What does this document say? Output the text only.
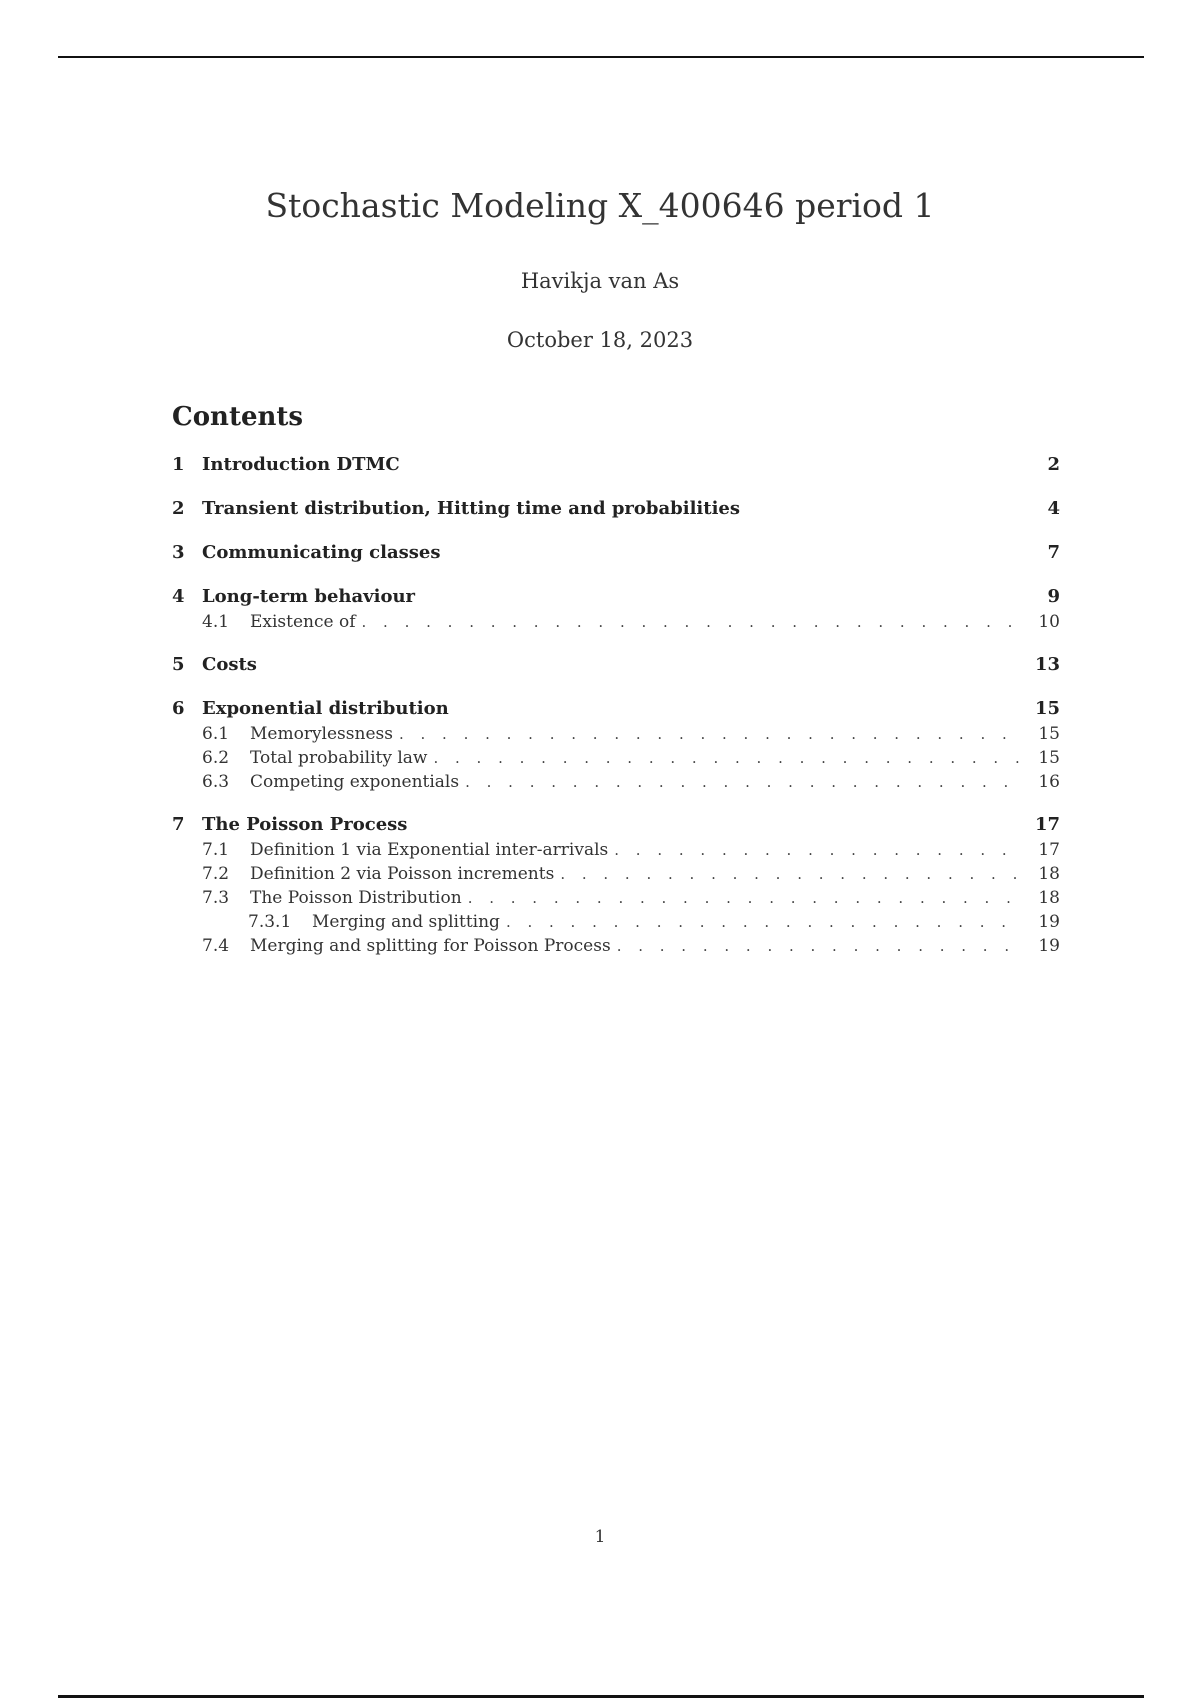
Stochastic Modeling X_400646 period 1
Havikja van As
October 18, 2023
Contents
1 Introduction DTMC	2
2 Transient distribution, Hitting time and probabilities	4
3 Communicating classes	7
4 Long-term behaviour	9
4.1	Existence of . . .	10
5 Costs	13
6 Exponential distribution	15
6.1	Memorylessness . . .	15
6.2	Total probability law . . .	15
6.3	Competing exponentials . . .	16
7 The Poisson Process	17
7.1	Definition 1 via Exponential inter-arrivals . . .	17
7.2	Definition 2 via Poisson increments . . .	18
7.3	The Poisson Distribution . . .	18
7.3.1	Merging and splitting . . .	19
7.4	Merging and splitting for Poisson Process . . .	19
1
